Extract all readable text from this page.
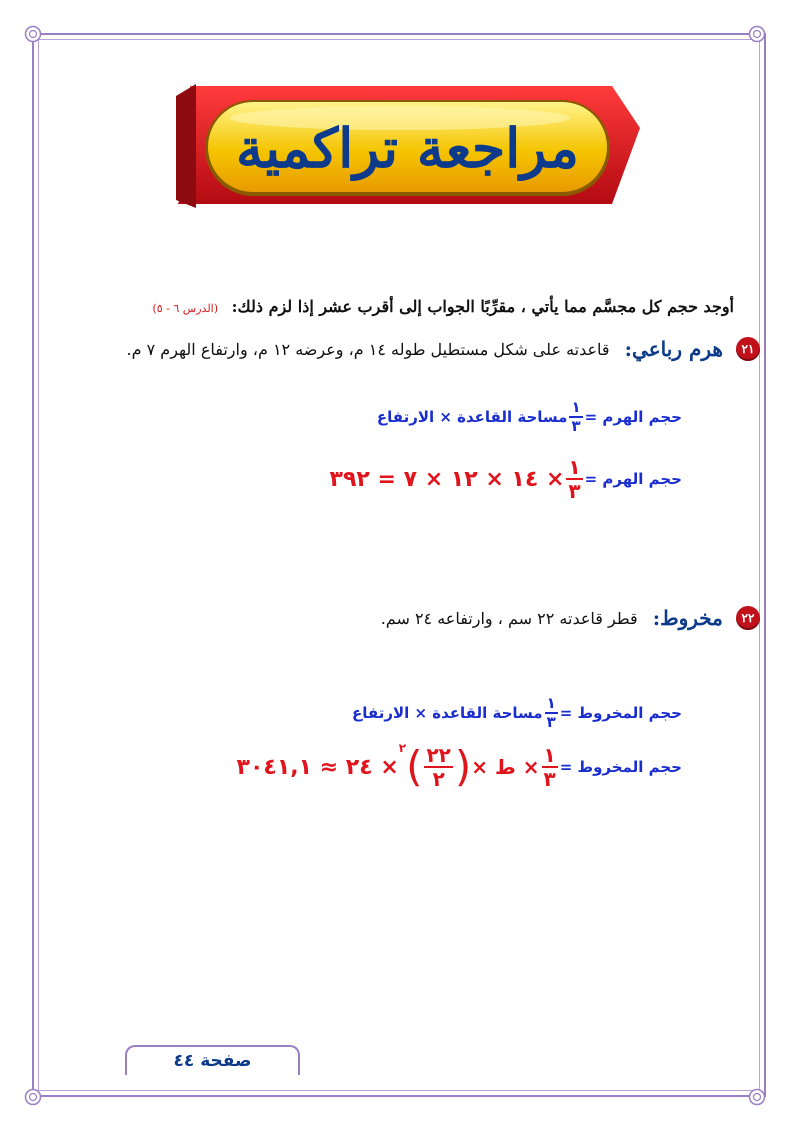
مراجعة تراكمية
أوجد حجم كل مجسَّم مما يأتي ، مقرِّبًا الجواب إلى أقرب عشر إذا لزم ذلك: (الدرس ٦ - ٥)
٢١ هرم رباعي: قاعدته على شكل مستطيل طوله ١٤ م، وعرضه ١٢ م، وارتفاع الهرم ٧ م.
حجم الهرم =
$\frac{١}{٣}$
مساحة القاعدة × الارتفاع
حجم الهرم =
$\frac{١}{٣}$
× ١٤ × ١٢ × ٧ = ٣٩٢
٢٢ مخروط: قطر قاعدته ٢٢ سم ، وارتفاعه ٢٤ سم.
حجم المخروط =
$\frac{١}{٣}$
مساحة القاعدة × الارتفاع
حجم المخروط =
$\frac{١}{٣}$
× ط ×
(
$\frac{٢٢}{٢}$
)
٢
× ٢٤ ≈ ٣٠٤١,١
صفحة ٤٤
